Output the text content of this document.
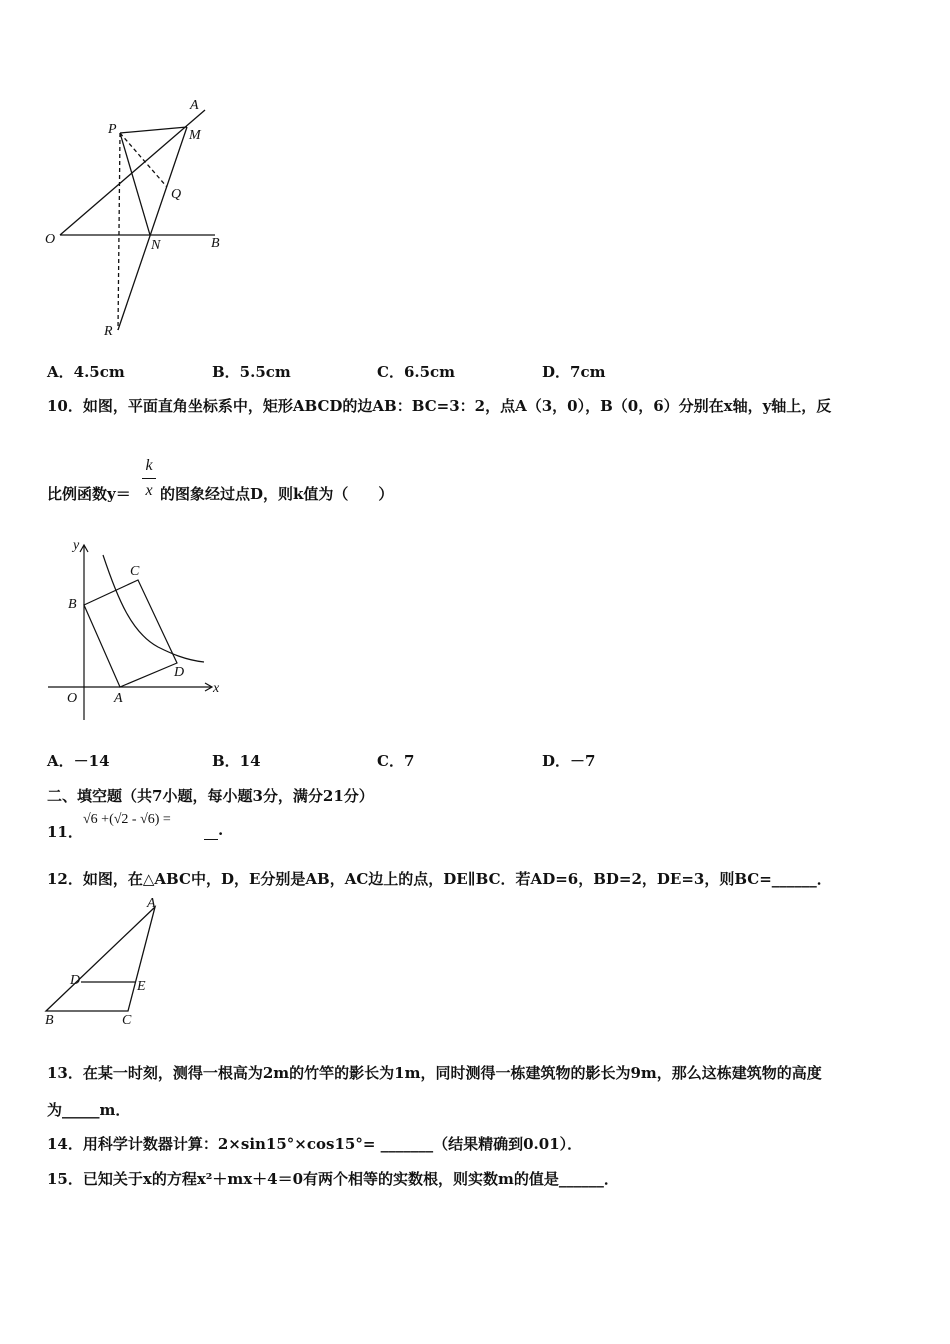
A
M
P
Q
O	N	B
R
A．4.5cm	B．5.5cm	C．6.5cm	D．7cm
10．如图，平面直角坐标系中，矩形ABCD的边AB：BC=3：2，点A（3，0），B（0，6）分别在x轴，y轴上，反
比例函数y＝
k
x 的图象经过点D，则k值为（　　）
y
x
B
C
D
O	A
A．－14	B．14	C．7	D．－7
二、填空题（共7小题，每小题3分，满分21分）
11．
√6 +(√2 - √6) =
.
12．如图，在△ABC中，D，E分别是AB，AC边上的点，DE∥BC．若AD=6，BD=2，DE=3，则BC=______．
A
D	E
B	C
13．在某一时刻，测得一根高为2m的竹竿的影长为1m，同时测得一栋建筑物的影长为9m，那么这栋建筑物的高度
为_____m．
14．用科学计数器计算：2×sin15°×cos15°= _______（结果精确到0.01）．
15．已知关于x的方程x²＋mx＋4＝0有两个相等的实数根，则实数m的值是______．
